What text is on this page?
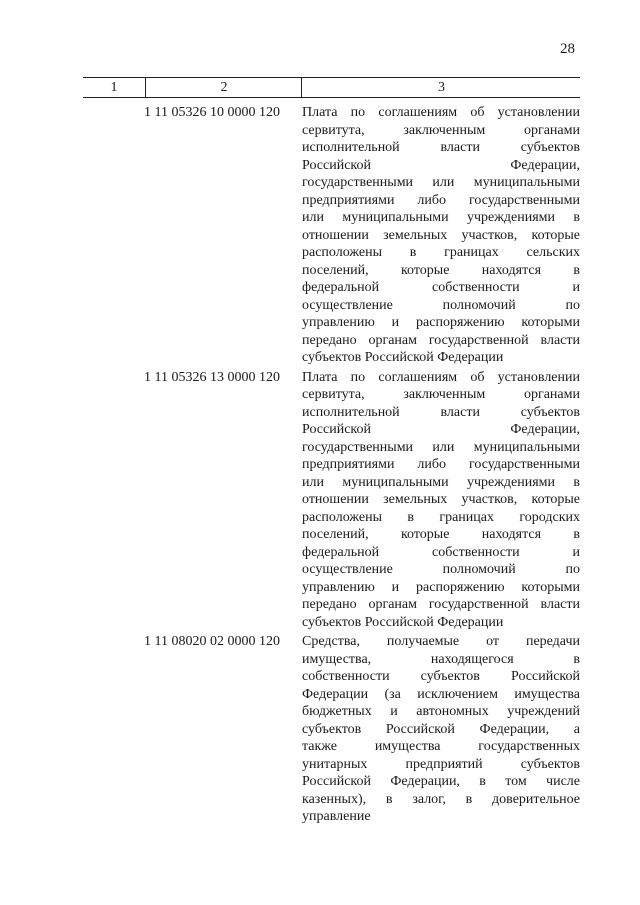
28
1	2	3
1 11 05326 10 0000 120 Плата по соглашениям об установлении
сервитута, заключенным органами
исполнительной власти субъектов
Российской Федерации,
государственными или муниципальными
предприятиями либо государственными
или муниципальными учреждениями в
отношении земельных участков, которые
расположены в границах сельских
поселений, которые находятся в
федеральной собственности и
осуществление полномочий по
управлению и распоряжению которыми
передано органам государственной власти
субъектов Российской Федерации
1 11 05326 13 0000 120 Плата по соглашениям об установлении
сервитута, заключенным органами
исполнительной власти субъектов
Российской Федерации,
государственными или муниципальными
предприятиями либо государственными
или муниципальными учреждениями в
отношении земельных участков, которые
расположены в границах городских
поселений, которые находятся в
федеральной собственности и
осуществление полномочий по
управлению и распоряжению которыми
передано органам государственной власти
субъектов Российской Федерации
1 11 08020 02 0000 120 Средства, получаемые от передачи
имущества, находящегося в
собственности субъектов Российской
Федерации (за исключением имущества
бюджетных и автономных учреждений
субъектов Российской Федерации, а
также имущества государственных
унитарных предприятий субъектов
Российской Федерации, в том числе
казенных), в залог, в доверительное
управление
